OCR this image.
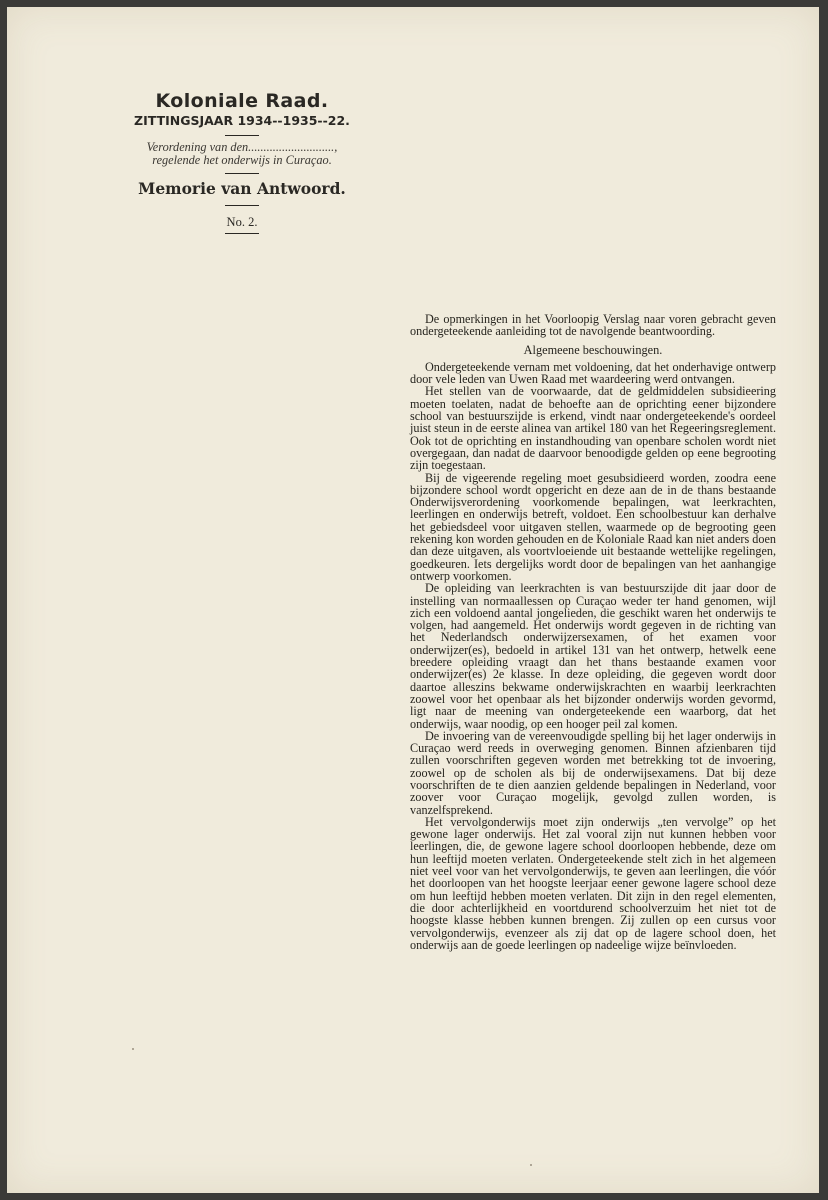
Koloniale Raad.
ZITTINGSJAAR 1934--1935--22.
Verordening van den............................,
regelende het onderwijs in Curaçao.
Memorie van Antwoord.
No. 2.

De opmerkingen in het Voorloopig Verslag naar voren gebracht geven ondergeteekende aanleiding tot de navolgende beantwoording.

Algemeene beschouwingen.

Ondergeteekende vernam met voldoening, dat het onderhavige ontwerp door vele leden van Uwen Raad met waardeering werd ontvangen.

Het stellen van de voorwaarde, dat de geldmiddelen subsidieering moeten toelaten, nadat de behoefte aan de oprichting eener bijzondere school van bestuurszijde is erkend, vindt naar ondergeteekende's oordeel juist steun in de eerste alinea van artikel 180 van het Regeeringsreglement. Ook tot de oprichting en instandhouding van openbare scholen wordt niet overgegaan, dan nadat de daarvoor benoodigde gelden op eene begrooting zijn toegestaan.

Bij de vigeerende regeling moet gesubsidieerd worden, zoodra eene bijzondere school wordt opgericht en deze aan de in de thans bestaande Onderwijsverordening voorkomende bepalingen, wat leerkrachten, leerlingen en onderwijs betreft, voldoet. Een schoolbestuur kan derhalve het gebiedsdeel voor uitgaven stellen, waarmede op de begrooting geen rekening kon worden gehouden en de Koloniale Raad kan niet anders doen dan deze uitgaven, als voortvloeiende uit bestaande wettelijke regelingen, goedkeuren. Iets dergelijks wordt door de bepalingen van het aanhangige ontwerp voorkomen.

De opleiding van leerkrachten is van bestuurszijde dit jaar door de instelling van normaallessen op Curaçao weder ter hand genomen, wijl zich een voldoend aantal jongelieden, die geschikt waren het onderwijs te volgen, had aangemeld. Het onderwijs wordt gegeven in de richting van het Nederlandsch onderwijzersexamen, of het examen voor onderwijzer(es), bedoeld in artikel 131 van het ontwerp, hetwelk eene breedere opleiding vraagt dan het thans bestaande examen voor onderwijzer(es) 2e klasse. In deze opleiding, die gegeven wordt door daartoe alleszins bekwame onderwijskrachten en waarbij leerkrachten zoowel voor het openbaar als het bijzonder onderwijs worden gevormd, ligt naar de meening van ondergeteekende een waarborg, dat het onderwijs, waar noodig, op een hooger peil zal komen.

De invoering van de vereenvoudigde spelling bij het lager onderwijs in Curaçao werd reeds in overweging genomen. Binnen afzienbaren tijd zullen voorschriften gegeven worden met betrekking tot de invoering, zoowel op de scholen als bij de onderwijsexamens. Dat bij deze voorschriften de te dien aanzien geldende bepalingen in Nederland, voor zoover voor Curaçao mogelijk, gevolgd zullen worden, is vanzelfsprekend.

Het vervolgonderwijs moet zijn onderwijs „ten vervolge” op het gewone lager onderwijs. Het zal vooral zijn nut kunnen hebben voor leerlingen, die, de gewone lagere school doorloopen hebbende, deze om hun leeftijd moeten verlaten. Ondergeteekende stelt zich in het algemeen niet veel voor van het vervolgonderwijs, te geven aan leerlingen, die vóór het doorloopen van het hoogste leerjaar eener gewone lagere school deze om hun leeftijd hebben moeten verlaten. Dit zijn in den regel elementen, die door achterlijkheid en voortdurend schoolverzuim het niet tot de hoogste klasse hebben kunnen brengen. Zij zullen op een cursus voor vervolgonderwijs, evenzeer als zij dat op de lagere school doen, het onderwijs aan de goede leerlingen op nadeelige wijze beïnvloeden.
